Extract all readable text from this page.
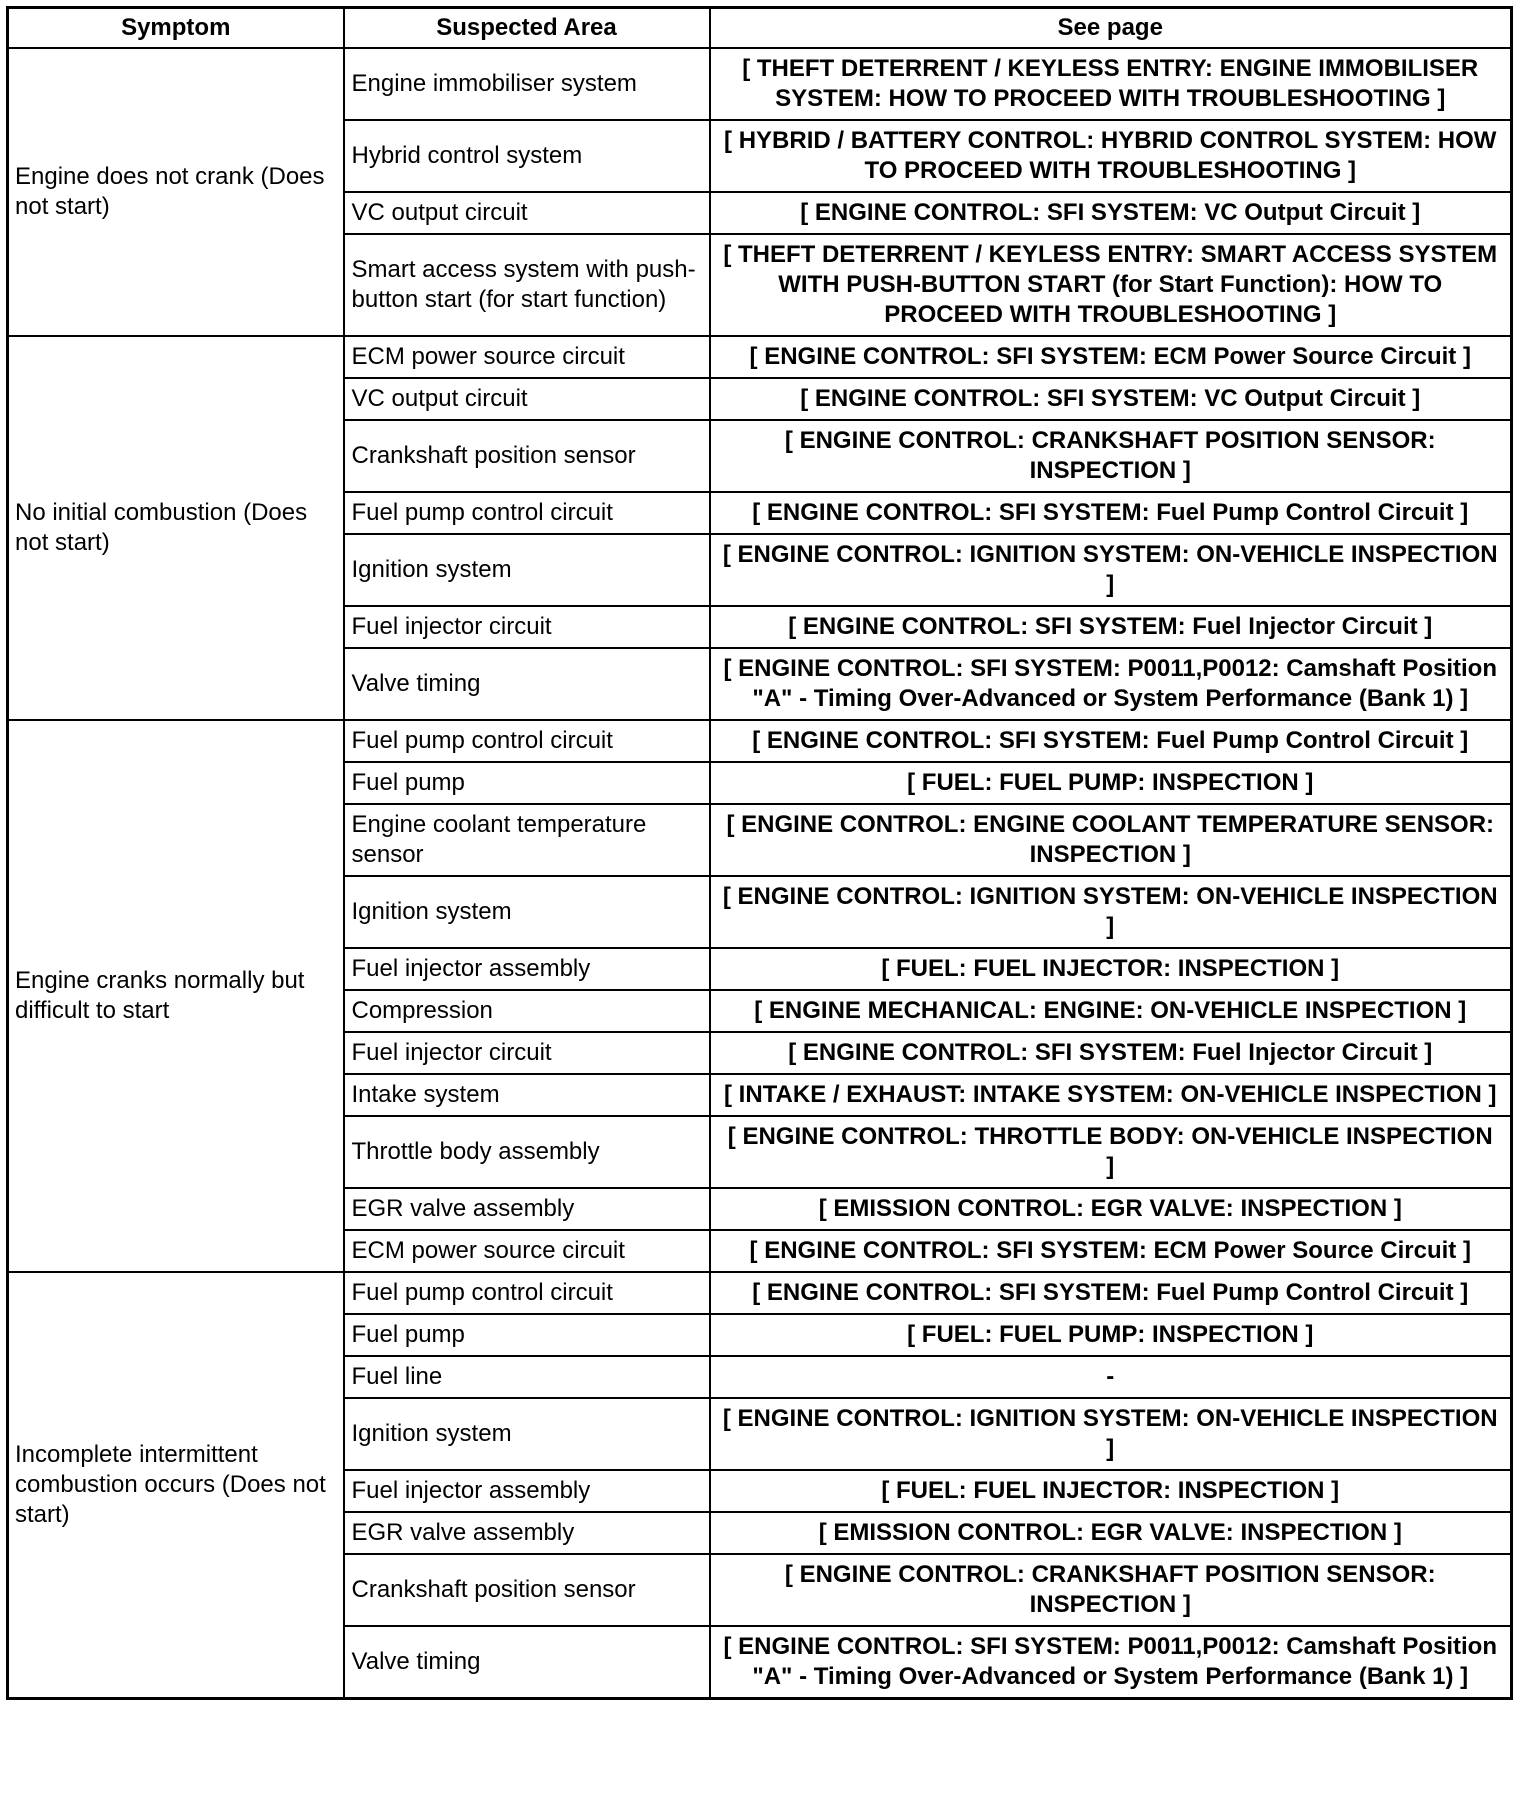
Symptom	Suspected Area	See page
Engine does not crank (Does not start)	Engine immobiliser system	[ THEFT DETERRENT / KEYLESS ENTRY: ENGINE IMMOBILISER SYSTEM: HOW TO PROCEED WITH TROUBLESHOOTING ]
	Hybrid control system	[ HYBRID / BATTERY CONTROL: HYBRID CONTROL SYSTEM: HOW TO PROCEED WITH TROUBLESHOOTING ]
	VC output circuit	[ ENGINE CONTROL: SFI SYSTEM: VC Output Circuit ]
	Smart access system with push-button start (for start function)	[ THEFT DETERRENT / KEYLESS ENTRY: SMART ACCESS SYSTEM WITH PUSH-BUTTON START (for Start Function): HOW TO PROCEED WITH TROUBLESHOOTING ]
No initial combustion (Does not start)	ECM power source circuit	[ ENGINE CONTROL: SFI SYSTEM: ECM Power Source Circuit ]
	VC output circuit	[ ENGINE CONTROL: SFI SYSTEM: VC Output Circuit ]
	Crankshaft position sensor	[ ENGINE CONTROL: CRANKSHAFT POSITION SENSOR: INSPECTION ]
	Fuel pump control circuit	[ ENGINE CONTROL: SFI SYSTEM: Fuel Pump Control Circuit ]
	Ignition system	[ ENGINE CONTROL: IGNITION SYSTEM: ON-VEHICLE INSPECTION ]
	Fuel injector circuit	[ ENGINE CONTROL: SFI SYSTEM: Fuel Injector Circuit ]
	Valve timing	[ ENGINE CONTROL: SFI SYSTEM: P0011,P0012: Camshaft Position "A" - Timing Over-Advanced or System Performance (Bank 1) ]
Engine cranks normally but difficult to start	Fuel pump control circuit	[ ENGINE CONTROL: SFI SYSTEM: Fuel Pump Control Circuit ]
	Fuel pump	[ FUEL: FUEL PUMP: INSPECTION ]
	Engine coolant temperature sensor	[ ENGINE CONTROL: ENGINE COOLANT TEMPERATURE SENSOR: INSPECTION ]
	Ignition system	[ ENGINE CONTROL: IGNITION SYSTEM: ON-VEHICLE INSPECTION ]
	Fuel injector assembly	[ FUEL: FUEL INJECTOR: INSPECTION ]
	Compression	[ ENGINE MECHANICAL: ENGINE: ON-VEHICLE INSPECTION ]
	Fuel injector circuit	[ ENGINE CONTROL: SFI SYSTEM: Fuel Injector Circuit ]
	Intake system	[ INTAKE / EXHAUST: INTAKE SYSTEM: ON-VEHICLE INSPECTION ]
	Throttle body assembly	[ ENGINE CONTROL: THROTTLE BODY: ON-VEHICLE INSPECTION ]
	EGR valve assembly	[ EMISSION CONTROL: EGR VALVE: INSPECTION ]
	ECM power source circuit	[ ENGINE CONTROL: SFI SYSTEM: ECM Power Source Circuit ]
Incomplete intermittent combustion occurs (Does not start)	Fuel pump control circuit	[ ENGINE CONTROL: SFI SYSTEM: Fuel Pump Control Circuit ]
	Fuel pump	[ FUEL: FUEL PUMP: INSPECTION ]
	Fuel line	-
	Ignition system	[ ENGINE CONTROL: IGNITION SYSTEM: ON-VEHICLE INSPECTION ]
	Fuel injector assembly	[ FUEL: FUEL INJECTOR: INSPECTION ]
	EGR valve assembly	[ EMISSION CONTROL: EGR VALVE: INSPECTION ]
	Crankshaft position sensor	[ ENGINE CONTROL: CRANKSHAFT POSITION SENSOR: INSPECTION ]
	Valve timing	[ ENGINE CONTROL: SFI SYSTEM: P0011,P0012: Camshaft Position "A" - Timing Over-Advanced or System Performance (Bank 1) ]
